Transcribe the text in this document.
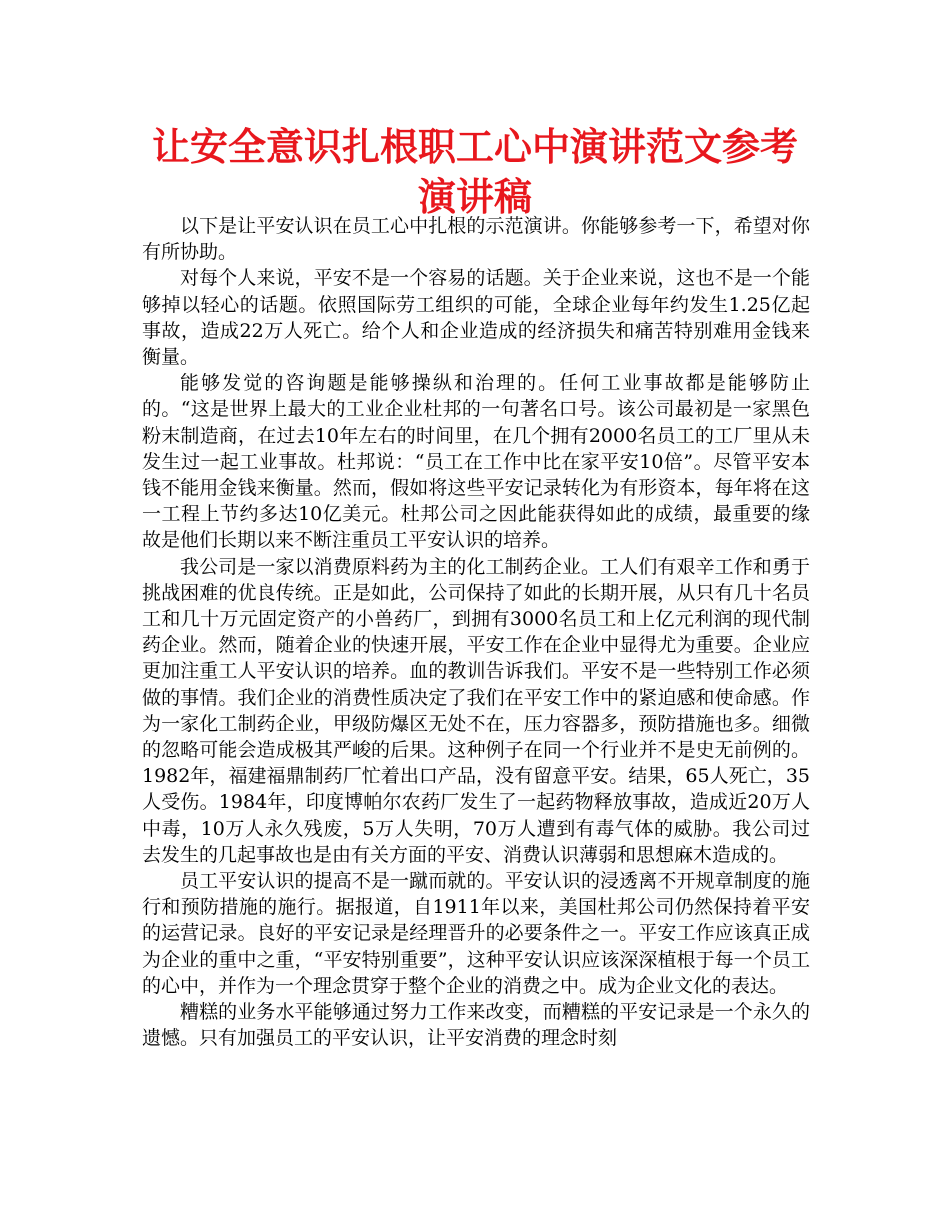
让安全意识扎根职工心中演讲范文参考演讲稿

以下是让平安认识在员工心中扎根的示范演讲。你能够参考一下，希望对你有所协助。

对每个人来说，平安不是一个容易的话题。关于企业来说，这也不是一个能够掉以轻心的话题。依照国际劳工组织的可能，全球企业每年约发生1.25亿起事故，造成22万人死亡。给个人和企业造成的经济损失和痛苦特别难用金钱来衡量。

能够发觉的咨询题是能够操纵和治理的。任何工业事故都是能够防止的。“这是世界上最大的工业企业杜邦的一句著名口号。该公司最初是一家黑色粉末制造商，在过去10年左右的时间里，在几个拥有2000名员工的工厂里从未发生过一起工业事故。杜邦说：“员工在工作中比在家平安10倍”。尽管平安本钱不能用金钱来衡量。然而，假如将这些平安记录转化为有形资本，每年将在这一工程上节约多达10亿美元。杜邦公司之因此能获得如此的成绩，最重要的缘故是他们长期以来不断注重员工平安认识的培养。

我公司是一家以消费原料药为主的化工制药企业。工人们有艰辛工作和勇于挑战困难的优良传统。正是如此，公司保持了如此的长期开展，从只有几十名员工和几十万元固定资产的小兽药厂，到拥有3000名员工和上亿元利润的现代制药企业。然而，随着企业的快速开展，平安工作在企业中显得尤为重要。企业应更加注重工人平安认识的培养。血的教训告诉我们。平安不是一些特别工作必须做的事情。我们企业的消费性质决定了我们在平安工作中的紧迫感和使命感。作为一家化工制药企业，甲级防爆区无处不在，压力容器多，预防措施也多。细微的忽略可能会造成极其严峻的后果。这种例子在同一个行业并不是史无前例的。1982年，福建福鼎制药厂忙着出口产品，没有留意平安。结果，65人死亡，35人受伤。1984年，印度博帕尔农药厂发生了一起药物释放事故，造成近20万人中毒，10万人永久残废，5万人失明，70万人遭到有毒气体的威胁。我公司过去发生的几起事故也是由有关方面的平安、消费认识薄弱和思想麻木造成的。

员工平安认识的提高不是一蹴而就的。平安认识的浸透离不开规章制度的施行和预防措施的施行。据报道，自1911年以来，美国杜邦公司仍然保持着平安的运营记录。良好的平安记录是经理晋升的必要条件之一。平安工作应该真正成为企业的重中之重，“平安特别重要”，这种平安认识应该深深植根于每一个员工的心中，并作为一个理念贯穿于整个企业的消费之中。成为企业文化的表达。

糟糕的业务水平能够通过努力工作来改变，而糟糕的平安记录是一个永久的遗憾。只有加强员工的平安认识，让平安消费的理念时刻
